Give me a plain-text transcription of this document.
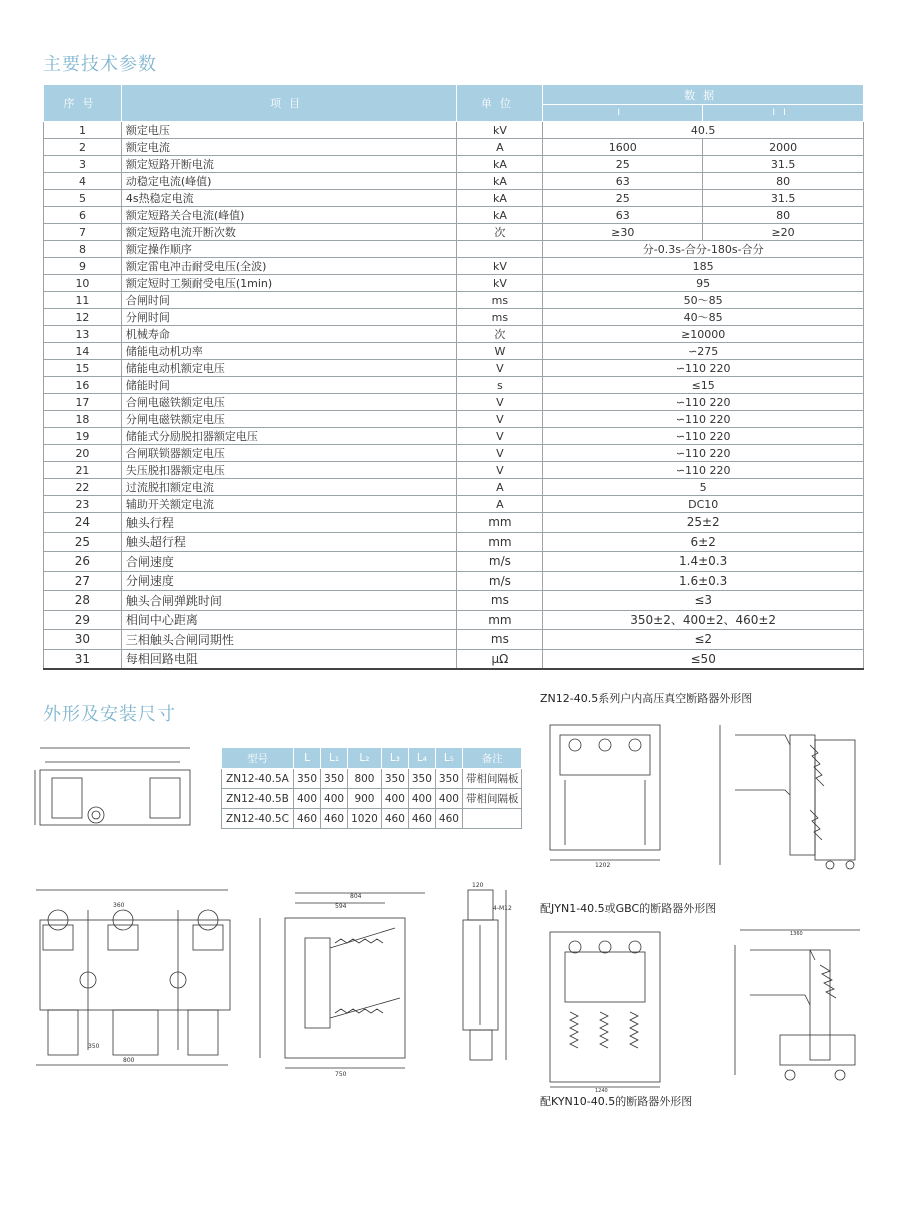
主要技术参数
序号	项目	单位	数据	
			I	II
1	额定电压	kV	40.5	
2	额定电流	A	1600	2000
3	额定短路开断电流	kA	25	31.5
4	动稳定电流(峰值)	kA	63	80
5	4s热稳定电流	kA	25	31.5
6	额定短路关合电流(峰值)	kA	63	80
7	额定短路电流开断次数	次	≥30	≥20
8	额定操作顺序		分-0.3s-合分-180s-合分	
9	额定雷电冲击耐受电压(全波)	kV	185	
10	额定短时工频耐受电压(1min)	kV	95	
11	合闸时间	ms	50～85	
12	分闸时间	ms	40～85	
13	机械寿命	次	≥10000	
14	储能电动机功率	W	∽275	
15	储能电动机额定电压	V	∽110 220	
16	储能时间	s	≤15	
17	合闸电磁铁额定电压	V	∽110 220	
18	分闸电磁铁额定电压	V	∽110 220	
19	储能式分励脱扣器额定电压	V	∽110 220	
20	合闸联锁器额定电压	V	∽110 220	
21	失压脱扣器额定电压	V	∽110 220	
22	过流脱扣额定电流	A	5	
23	辅助开关额定电流	A	DC10	
24	触头行程	mm	25±2	
25	触头超行程	mm	6±2	
26	合闸速度	m/s	1.4±0.3	
27	分闸速度	m/s	1.6±0.3	
28	触头合闸弹跳时间	ms	≤3	
29	相间中心距离	mm	350±2、400±2、460±2	
30	三相触头合闸同期性	ms	≤2	
31	每相回路电阻	μΩ	≤50	
外形及安装尺寸
型号	L	L₁	L₂	L₃	L₄	L₅	备注
ZN12-40.5A	350	350	800	350	350	350	带相间隔板
ZN12-40.5B	400	400	900	400	400	400	带相间隔板
ZN12-40.5C	460	460	1020	460	460	460	
ZN12-40.5系列户内高压真空断路器外形图
配JYN1-40.5或GBC的断路器外形图
配KYN10-40.5的断路器外形图
800
350
360
804
594
750
120
4-M12
1202
1240
1360
